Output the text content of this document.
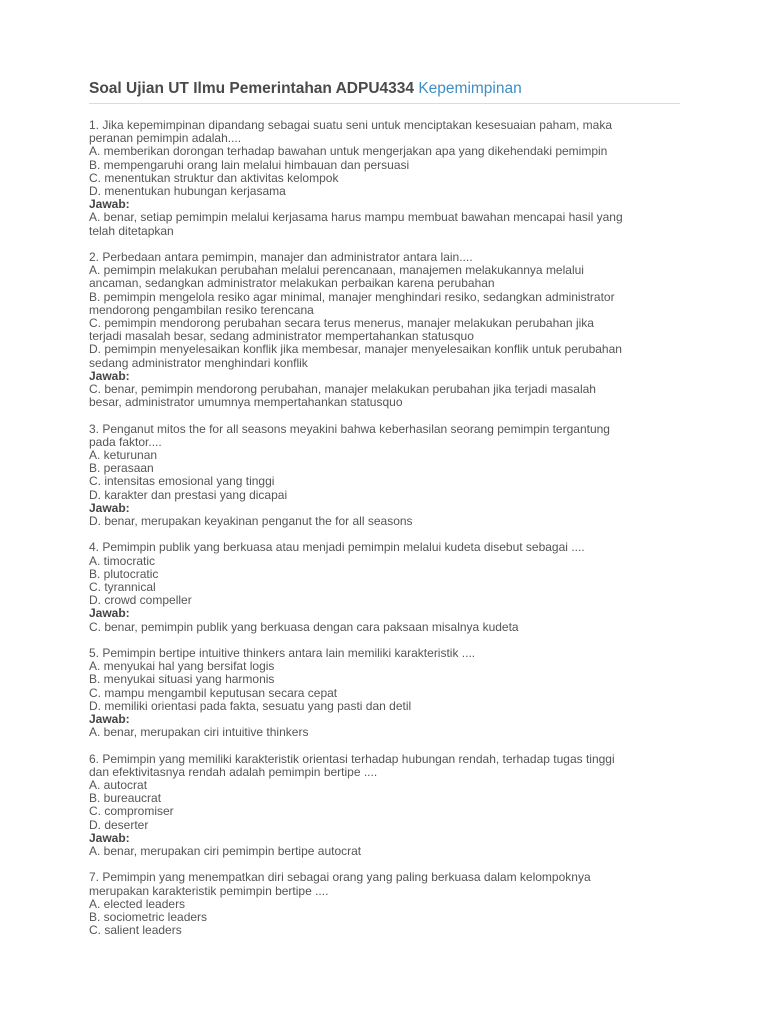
Soal Ujian UT Ilmu Pemerintahan ADPU4334 Kepemimpinan
1. Jika kepemimpinan dipandang sebagai suatu seni untuk menciptakan kesesuaian paham, maka
peranan pemimpin adalah....
A. memberikan dorongan terhadap bawahan untuk mengerjakan apa yang dikehendaki pemimpin
B. mempengaruhi orang lain melalui himbauan dan persuasi
C. menentukan struktur dan aktivitas kelompok
D. menentukan hubungan kerjasama
Jawab:
A. benar, setiap pemimpin melalui kerjasama harus mampu membuat bawahan mencapai hasil yang
telah ditetapkan
2. Perbedaan antara pemimpin, manajer dan administrator antara lain....
A. pemimpin melakukan perubahan melalui perencanaan, manajemen melakukannya melalui
ancaman, sedangkan administrator melakukan perbaikan karena perubahan
B. pemimpin mengelola resiko agar minimal, manajer menghindari resiko, sedangkan administrator
mendorong pengambilan resiko terencana
C. pemimpin mendorong perubahan secara terus menerus, manajer melakukan perubahan jika
terjadi masalah besar, sedang administrator mempertahankan statusquo
D. pemimpin menyelesaikan konflik jika membesar, manajer menyelesaikan konflik untuk perubahan
sedang administrator menghindari konflik
Jawab:
C. benar, pemimpin mendorong perubahan, manajer melakukan perubahan jika terjadi masalah
besar, administrator umumnya mempertahankan statusquo
3. Penganut mitos the for all seasons meyakini bahwa keberhasilan seorang pemimpin tergantung
pada faktor....
A. keturunan
B. perasaan
C. intensitas emosional yang tinggi
D. karakter dan prestasi yang dicapai
Jawab:
D. benar, merupakan keyakinan penganut the for all seasons
4. Pemimpin publik yang berkuasa atau menjadi pemimpin melalui kudeta disebut sebagai ....
A. timocratic
B. plutocratic
C. tyrannical
D. crowd compeller
Jawab:
C. benar, pemimpin publik yang berkuasa dengan cara paksaan misalnya kudeta
5. Pemimpin bertipe intuitive thinkers antara lain memiliki karakteristik ....
A. menyukai hal yang bersifat logis
B. menyukai situasi yang harmonis
C. mampu mengambil keputusan secara cepat
D. memiliki orientasi pada fakta, sesuatu yang pasti dan detil
Jawab:
A. benar, merupakan ciri intuitive thinkers
6. Pemimpin yang memiliki karakteristik orientasi terhadap hubungan rendah, terhadap tugas tinggi
dan efektivitasnya rendah adalah pemimpin bertipe ....
A. autocrat
B. bureaucrat
C. compromiser
D. deserter
Jawab:
A. benar, merupakan ciri pemimpin bertipe autocrat
7. Pemimpin yang menempatkan diri sebagai orang yang paling berkuasa dalam kelompoknya
merupakan karakteristik pemimpin bertipe ....
A. elected leaders
B. sociometric leaders
C. salient leaders
